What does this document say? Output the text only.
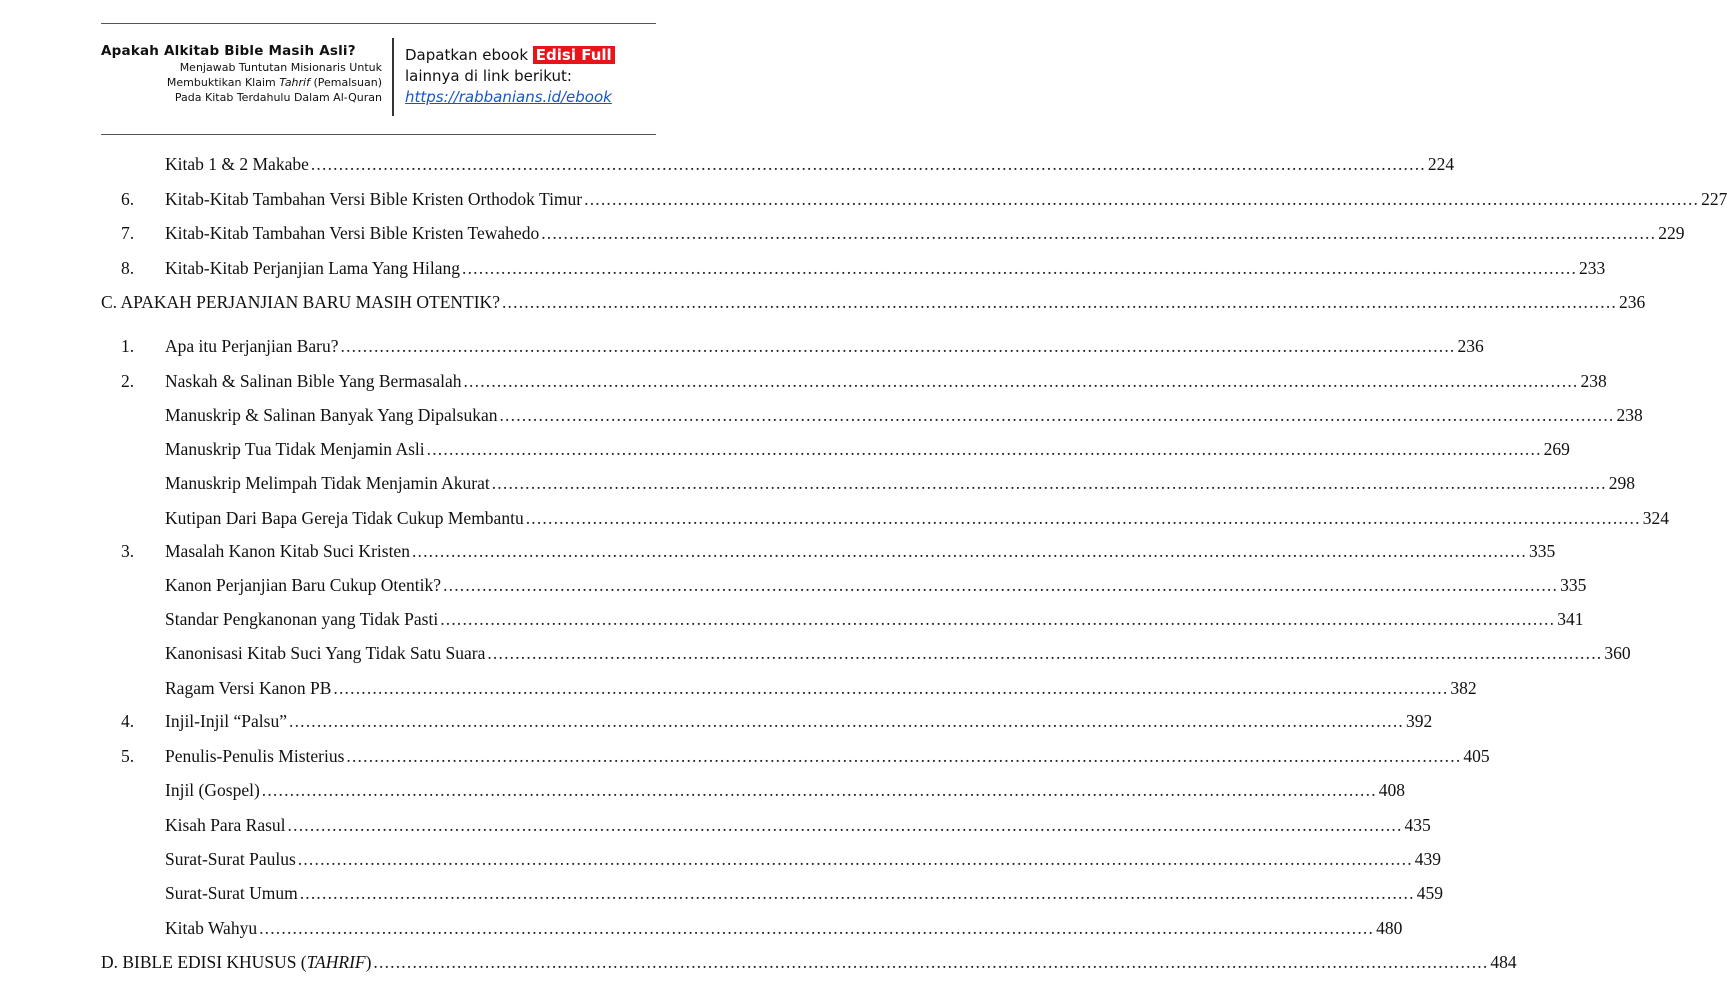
Apakah Alkitab Bible Masih Asli?
Menjawab Tuntutan Misionaris Untuk
Membuktikan Klaim Tahrif (Pemalsuan)
Pada Kitab Terdahulu Dalam Al-Quran
Dapatkan ebook Edisi Full
lainnya di link berikut:
https://rabbanians.id/ebook
Kitab 1 & 2 Makabe ........................................................................................................................................................................................................ 224
6.	Kitab-Kitab Tambahan Versi Bible Kristen Orthodok Timur ........................................................................................................................................................................................................ 227
7.	Kitab-Kitab Tambahan Versi Bible Kristen Tewahedo ........................................................................................................................................................................................................ 229
8.	Kitab-Kitab Perjanjian Lama Yang Hilang ........................................................................................................................................................................................................ 233
C. APAKAH PERJANJIAN BARU MASIH OTENTIK? ........................................................................................................................................................................................................ 236
1.	Apa itu Perjanjian Baru? ........................................................................................................................................................................................................ 236
2.	Naskah & Salinan Bible Yang Bermasalah ........................................................................................................................................................................................................ 238
Manuskrip & Salinan Banyak Yang Dipalsukan ........................................................................................................................................................................................................ 238
Manuskrip Tua Tidak Menjamin Asli ........................................................................................................................................................................................................ 269
Manuskrip Melimpah Tidak Menjamin Akurat ........................................................................................................................................................................................................ 298
Kutipan Dari Bapa Gereja Tidak Cukup Membantu ........................................................................................................................................................................................................ 324
3.	Masalah Kanon Kitab Suci Kristen ........................................................................................................................................................................................................ 335
Kanon Perjanjian Baru Cukup Otentik? ........................................................................................................................................................................................................ 335
Standar Pengkanonan yang Tidak Pasti ........................................................................................................................................................................................................ 341
Kanonisasi Kitab Suci Yang Tidak Satu Suara ........................................................................................................................................................................................................ 360
Ragam Versi Kanon PB ........................................................................................................................................................................................................ 382
4.	Injil-Injil “Palsu” ........................................................................................................................................................................................................ 392
5.	Penulis-Penulis Misterius ........................................................................................................................................................................................................ 405
Injil (Gospel) ........................................................................................................................................................................................................ 408
Kisah Para Rasul ........................................................................................................................................................................................................ 435
Surat-Surat Paulus ........................................................................................................................................................................................................ 439
Surat-Surat Umum ........................................................................................................................................................................................................ 459
Kitab Wahyu ........................................................................................................................................................................................................ 480
D. BIBLE EDISI KHUSUS (TAHRIF) ........................................................................................................................................................................................................ 484
